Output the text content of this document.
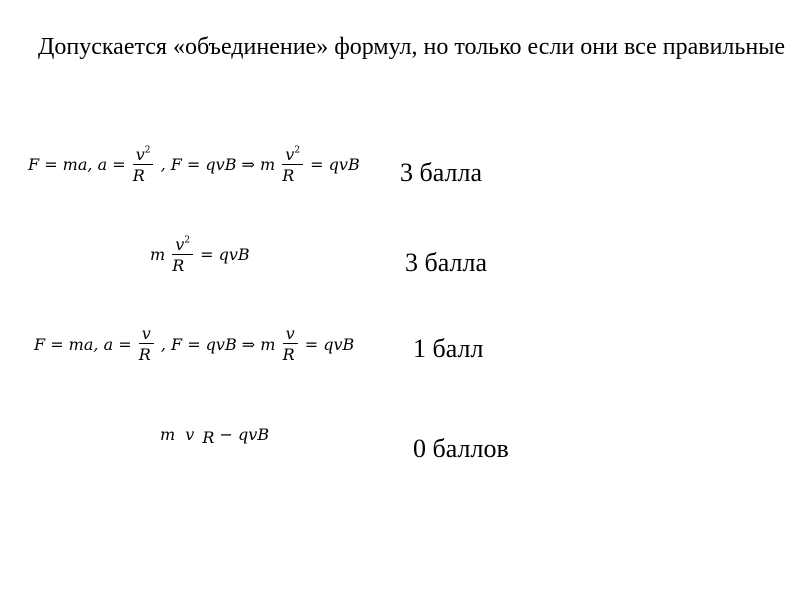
Допускается «объединение» формул, но только если они все правильные

F = ma, $a = \frac{v^2}{R}$ , F = qvB ⇒ m $\frac{v^2}{R}$ = qvB 3 балла
m $\frac{v^2}{R}$ = qvB	3 балла
F = ma, $a = \frac{v}{R}$ , F = qvB ⇒ m $\frac{v}{R}$ = qvB 1 балл
m v R − qvB	0 баллов
